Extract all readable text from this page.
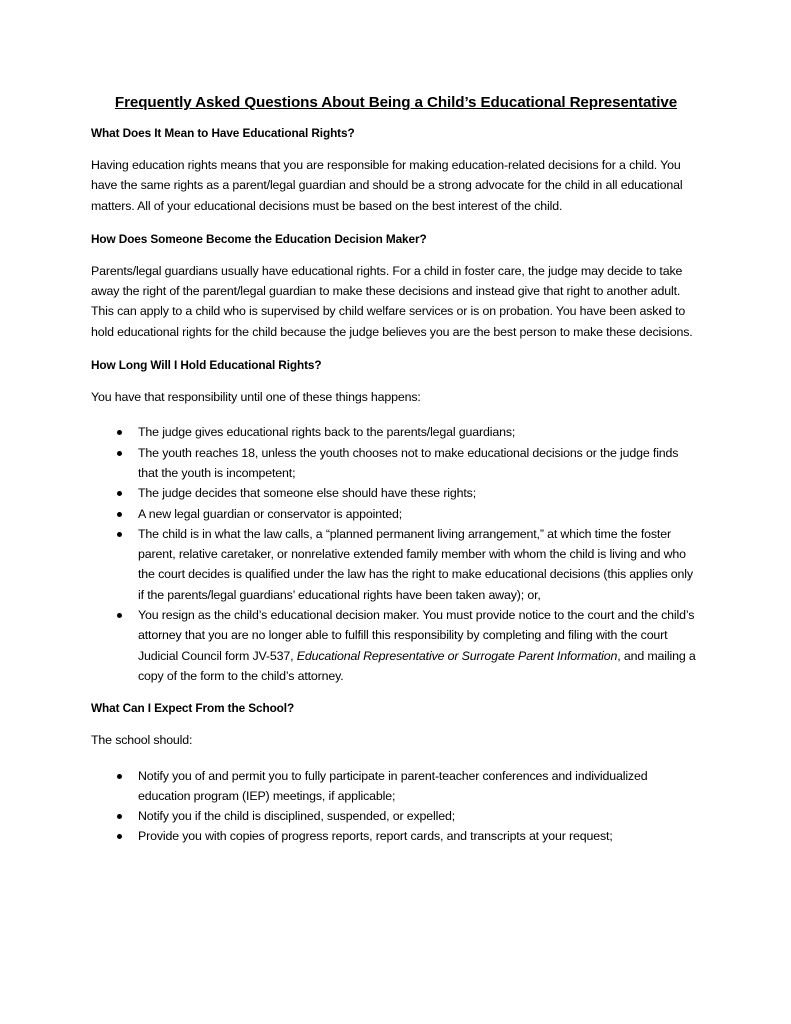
Frequently Asked Questions About Being a Child’s Educational Representative
What Does It Mean to Have Educational Rights?

Having education rights means that you are responsible for making education-related decisions for a child. You have the same rights as a parent/legal guardian and should be a strong advocate for the child in all educational matters. All of your educational decisions must be based on the best interest of the child.

How Does Someone Become the Education Decision Maker?

Parents/legal guardians usually have educational rights. For a child in foster care, the judge may decide to take away the right of the parent/legal guardian to make these decisions and instead give that right to another adult. This can apply to a child who is supervised by child welfare services or is on probation. You have been asked to hold educational rights for the child because the judge believes you are the best person to make these decisions.

How Long Will I Hold Educational Rights?

You have that responsibility until one of these things happens:

The judge gives educational rights back to the parents/legal guardians;
The youth reaches 18, unless the youth chooses not to make educational decisions or the judge finds that the youth is incompetent;
The judge decides that someone else should have these rights;
A new legal guardian or conservator is appointed;
The child is in what the law calls, a “planned permanent living arrangement,” at which time the foster parent, relative caretaker, or nonrelative extended family member with whom the child is living and who the court decides is qualified under the law has the right to make educational decisions (this applies only if the parents/legal guardians’ educational rights have been taken away); or,
You resign as the child’s educational decision maker. You must provide notice to the court and the child’s attorney that you are no longer able to fulfill this responsibility by completing and filing with the court Judicial Council form JV-537, Educational Representative or Surrogate Parent Information, and mailing a copy of the form to the child’s attorney.
What Can I Expect From the School?

The school should:

Notify you of and permit you to fully participate in parent-teacher conferences and individualized education program (IEP) meetings, if applicable;
Notify you if the child is disciplined, suspended, or expelled;
Provide you with copies of progress reports, report cards, and transcripts at your request;
